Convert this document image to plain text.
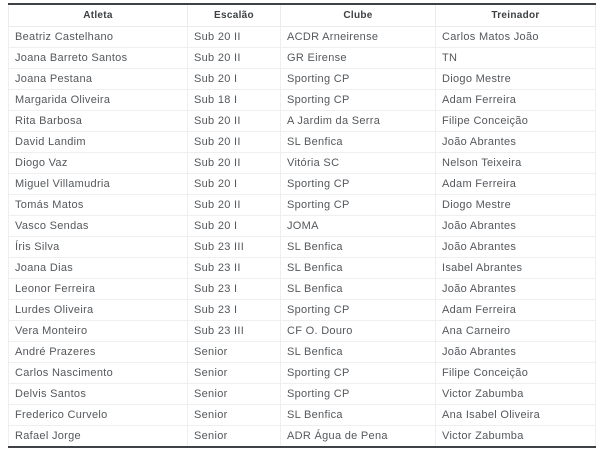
Atleta	Escalão	Clube	Treinador
Beatriz Castelhano	Sub 20 II	ACDR Arneirense	Carlos Matos João
Joana Barreto Santos	Sub 20 II	GR Eirense	TN
Joana Pestana	Sub 20 I	Sporting CP	Diogo Mestre
Margarida Oliveira	Sub 18 I	Sporting CP	Adam Ferreira
Rita Barbosa	Sub 20 II	A Jardim da Serra	Filipe Conceição
David Landim	Sub 20 II	SL Benfica	João Abrantes
Diogo Vaz	Sub 20 II	Vitória SC	Nelson Teixeira
Miguel Villamudria	Sub 20 I	Sporting CP	Adam Ferreira
Tomás Matos	Sub 20 II	Sporting CP	Diogo Mestre
Vasco Sendas	Sub 20 I	JOMA	João Abrantes
Íris Silva	Sub 23 III	SL Benfica	João Abrantes
Joana Dias	Sub 23 II	SL Benfica	Isabel Abrantes
Leonor Ferreira	Sub 23 I	SL Benfica	João Abrantes
Lurdes Oliveira	Sub 23 I	Sporting CP	Adam Ferreira
Vera Monteiro	Sub 23 III	CF O. Douro	Ana Carneiro
André Prazeres	Senior	SL Benfica	João Abrantes
Carlos Nascimento	Senior	Sporting CP	Filipe Conceição
Delvis Santos	Senior	Sporting CP	Victor Zabumba
Frederico Curvelo	Senior	SL Benfica	Ana Isabel Oliveira
Rafael Jorge	Senior	ADR Água de Pena	Victor Zabumba
